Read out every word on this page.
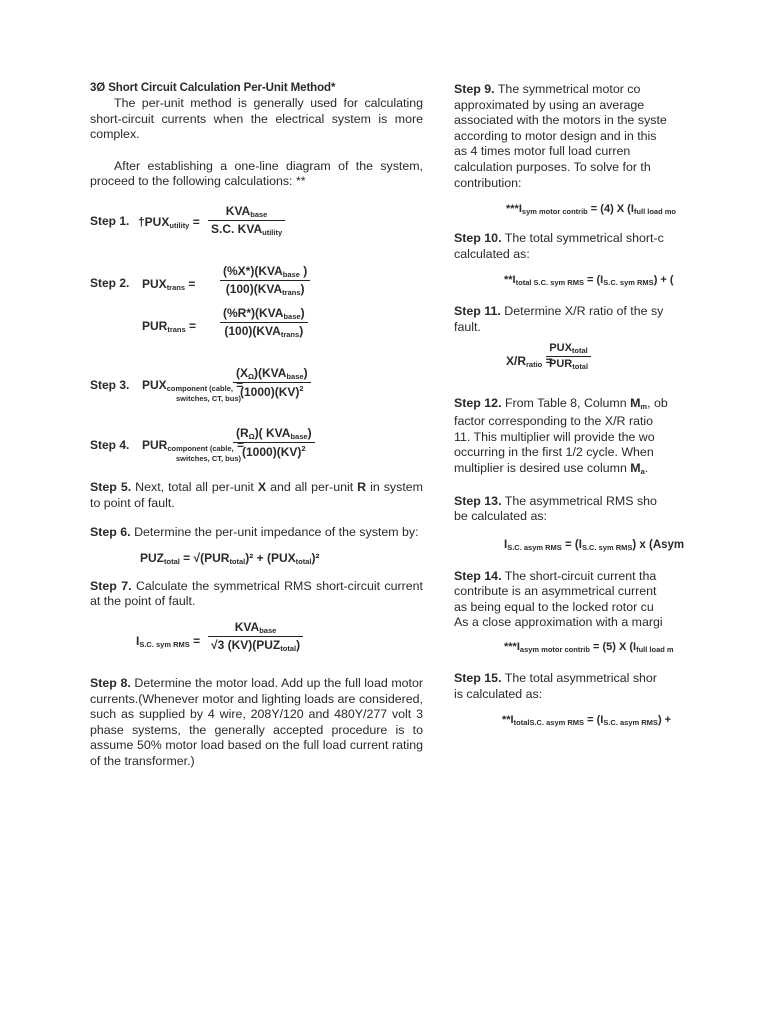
3Ø Short Circuit Calculation Per-Unit Method*

The per-unit method is generally used for calculating short-circuit currents when the electrical system is more complex.

After establishing a one-line diagram of the system, proceed to the following calculations: **

Step 1. $\dagger PUX_{utility}$ =
$KVA_{base}$
S.C. $KVA_{utility}$
Step 2. $PUX_{trans}$ =
$(\%X*)(KVA_{base}$ )
$(100)(KVA_{trans})$
$PUR_{trans}$ =
$(\%R*)(KVA_{base})$
$(100)(KVA_{trans})$
Step 3. $PUX_{component (cable,}$ =
switches, CT, bus)
$(X_\Omega)(KVA_{base})$
(1000)(KV)$^2$
Step 4. $PUR_{component (cable,}$ =
switches, CT, bus)
$(R_\Omega)$( $KVA_{base}$)
(1000)(KV)$^2$

Step 5. Next, total all per-unit X and all per-unit R in system to point of fault.

Step 6. Determine the per-unit impedance of the system by:

$PUZ_{total} = √(PUR_{total})^2 + (PUX_{total})^2$

Step 7. Calculate the symmetrical RMS short-circuit current at the point of fault.

$I_{S.C. sym RMS}$ =
$KVA_{base}$
√3 $(KV)(PUZ_{total})$

Step 8. Determine the motor load. Add up the full load motor currents.(Whenever motor and lighting loads are considered, such as supplied by 4 wire, 208Y/120 and 480Y/277 volt 3 phase systems, the generally accepted procedure is to assume 50% motor load based on the full load current rating of the transformer.)

Step 9. The symmetrical motor co
approximated by using an average
associated with the motors in the syste
according to motor design and in this
as 4 times motor full load curren
calculation purposes. To solve for th
contribution:
$***I_{sym motor contrib} = (4)$ X ($I_{full load mo}$
Step 10. The total symmetrical short-c
calculated as:
$**I_{total S.C. sym RMS} = (I_{S.C. sym RMS})$ + (
Step 11. Determine X/R ratio of the sy
fault.
$X/R_{ratio}$ =
$PUX_{total}$
$PUR_{total}$
Step 12. From Table 8, Column $M_m$, ob
factor corresponding to the X/R ratio
11. This multiplier will provide the wo
occurring in the first 1/2 cycle. When
multiplier is desired use column $M_a$.
Step 13. The asymmetrical RMS sho
be calculated as:
$I_{S.C. asym RMS} = (I_{S.C. sym RMS})$ x (Asym
Step 14. The short-circuit current tha
contribute is an asymmetrical current
as being equal to the locked rotor cu
As a close approximation with a margi
$***I_{asym motor contrib} = (5)$ X ($I_{full load m}$
Step 15. The total asymmetrical shor
is calculated as:
$**I_{totalS.C. asym RMS} = (I_{S.C. asym RMS})$ +
